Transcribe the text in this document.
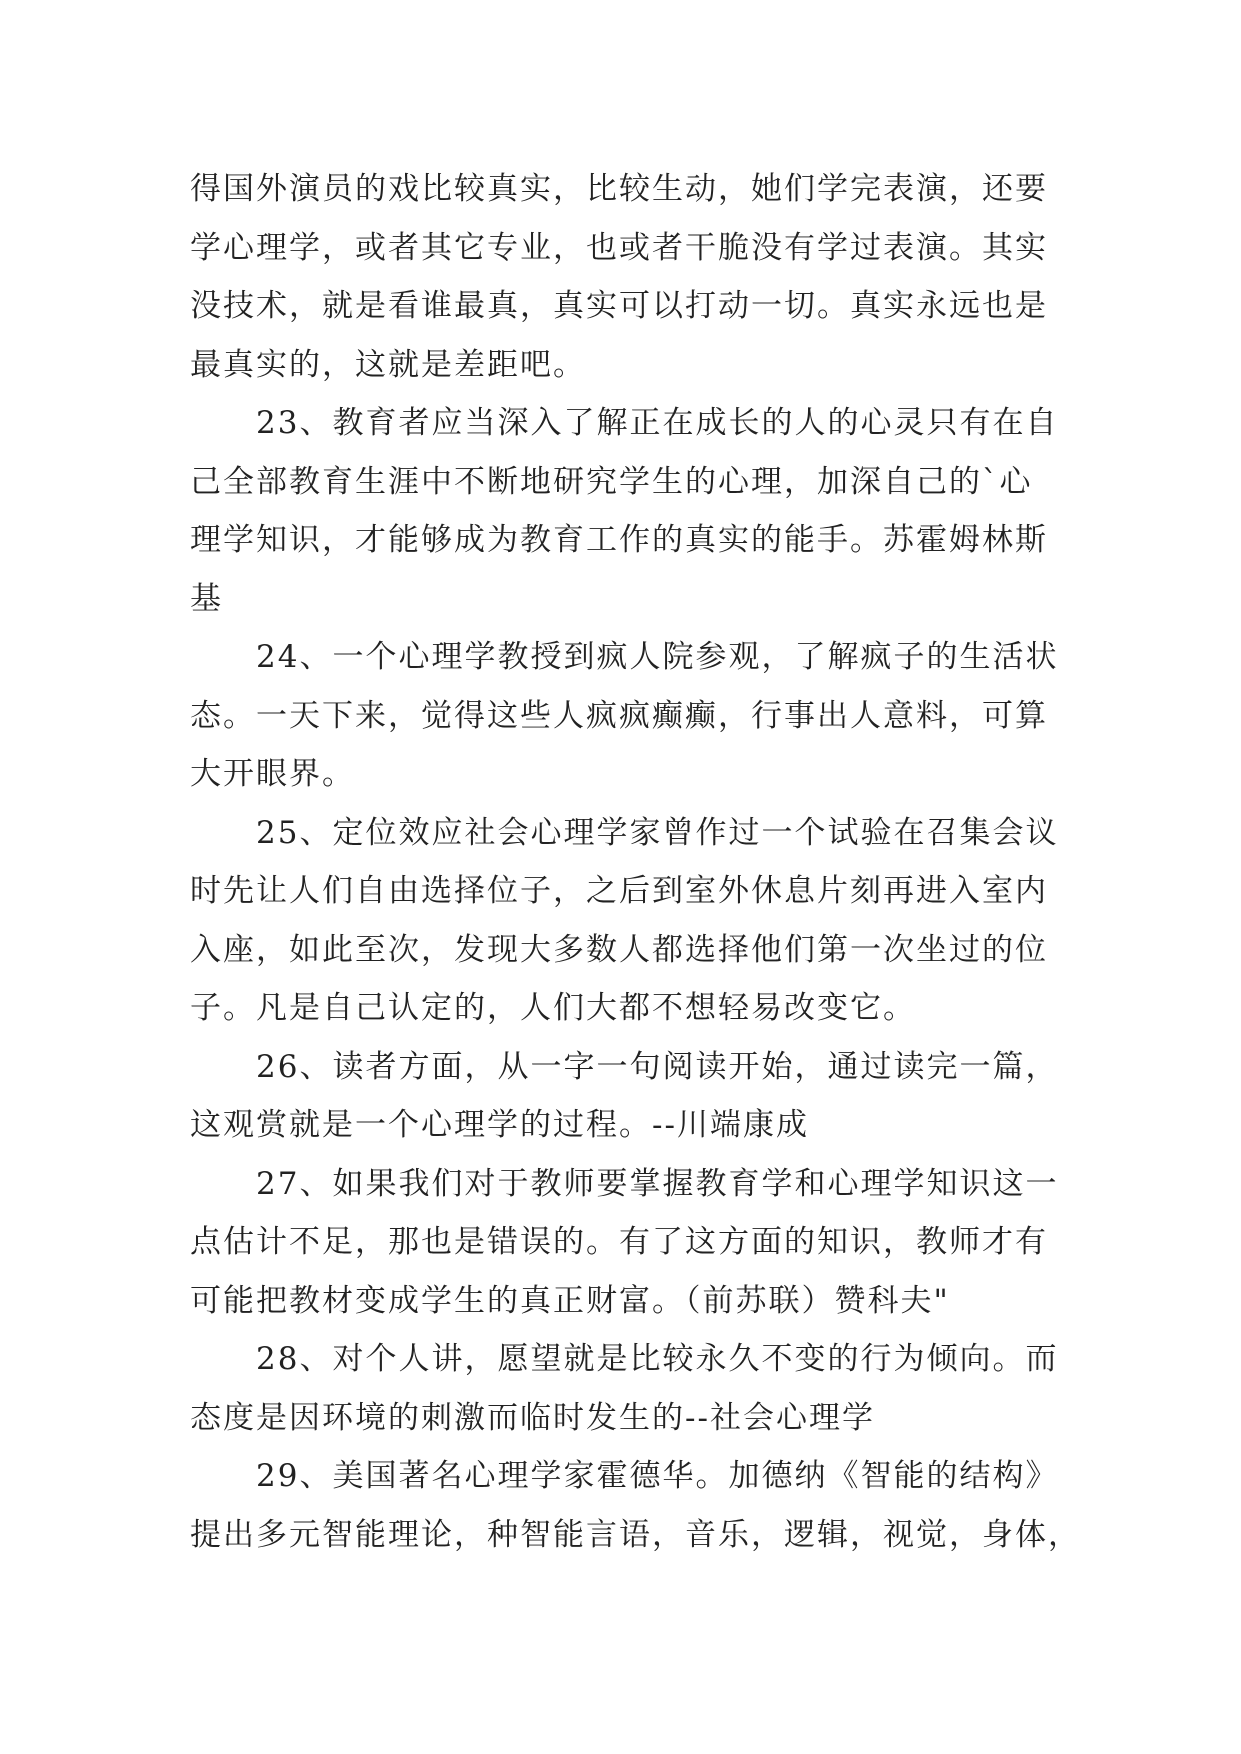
得国外演员的戏比较真实，比较生动，她们学完表演，还要
学心理学，或者其它专业，也或者干脆没有学过表演。其实
没技术，就是看谁最真，真实可以打动一切。真实永远也是
最真实的，这就是差距吧。
　　23、教育者应当深入了解正在成长的人的心灵只有在自
己全部教育生涯中不断地研究学生的心理，加深自己的`心
理学知识，才能够成为教育工作的真实的能手。苏霍姆林斯
基
　　24、一个心理学教授到疯人院参观，了解疯子的生活状
态。一天下来，觉得这些人疯疯癫癫，行事出人意料，可算
大开眼界。
　　25、定位效应社会心理学家曾作过一个试验在召集会议
时先让人们自由选择位子，之后到室外休息片刻再进入室内
入座，如此至次，发现大多数人都选择他们第一次坐过的位
子。凡是自己认定的，人们大都不想轻易改变它。
　　26、读者方面，从一字一句阅读开始，通过读完一篇，
这观赏就是一个心理学的过程。--川端康成
　　27、如果我们对于教师要掌握教育学和心理学知识这一
点估计不足，那也是错误的。有了这方面的知识，教师才有
可能把教材变成学生的真正财富。（前苏联）赞科夫"
　　28、对个人讲，愿望就是比较永久不变的行为倾向。而
态度是因环境的刺激而临时发生的--社会心理学
　　29、美国著名心理学家霍德华。加德纳《智能的结构》
提出多元智能理论，种智能言语，音乐，逻辑，视觉，身体，
